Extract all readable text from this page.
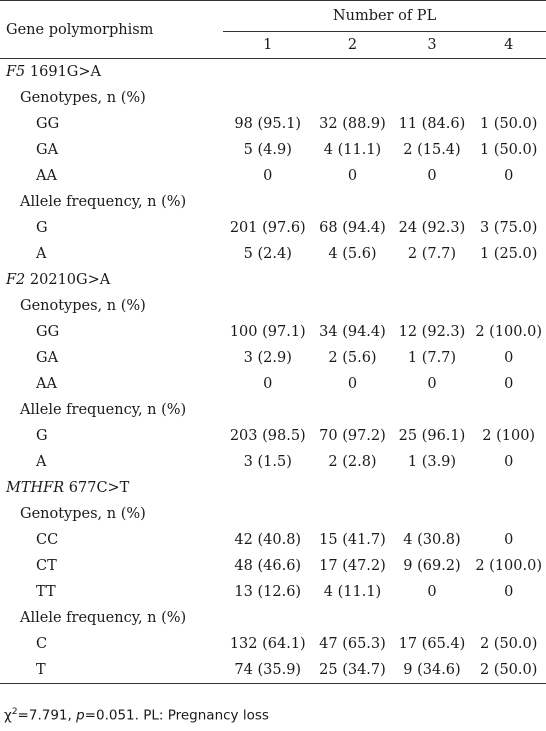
Gene polymorphism	Number of PL			
	1	2	3	4
F5 1691G>A				
Genotypes, n (%)				
GG	98 (95.1)	32 (88.9)	11 (84.6)	1 (50.0)
GA	5 (4.9)	4 (11.1)	2 (15.4)	1 (50.0)
AA	0	0	0	0
Allele frequency, n (%)				
G	201 (97.6)	68 (94.4)	24 (92.3)	3 (75.0)
A	5 (2.4)	4 (5.6)	2 (7.7)	1 (25.0)
F2 20210G>A				
Genotypes, n (%)				
GG	100 (97.1)	34 (94.4)	12 (92.3)	2 (100.0)
GA	3 (2.9)	2 (5.6)	1 (7.7)	0
AA	0	0	0	0
Allele frequency, n (%)				
G	203 (98.5)	70 (97.2)	25 (96.1)	2 (100)
A	3 (1.5)	2 (2.8)	1 (3.9)	0
MTHFR 677C>T				
Genotypes, n (%)				
CC	42 (40.8)	15 (41.7)	4 (30.8)	0
CT	48 (46.6)	17 (47.2)	9 (69.2)	2 (100.0)
TT	13 (12.6)	4 (11.1)	0	0
Allele frequency, n (%)				
C	132 (64.1)	47 (65.3)	17 (65.4)	2 (50.0)
T	74 (35.9)	25 (34.7)	9 (34.6)	2 (50.0)
$\chi^2=7.791$, p=0.051. PL: Pregnancy loss
